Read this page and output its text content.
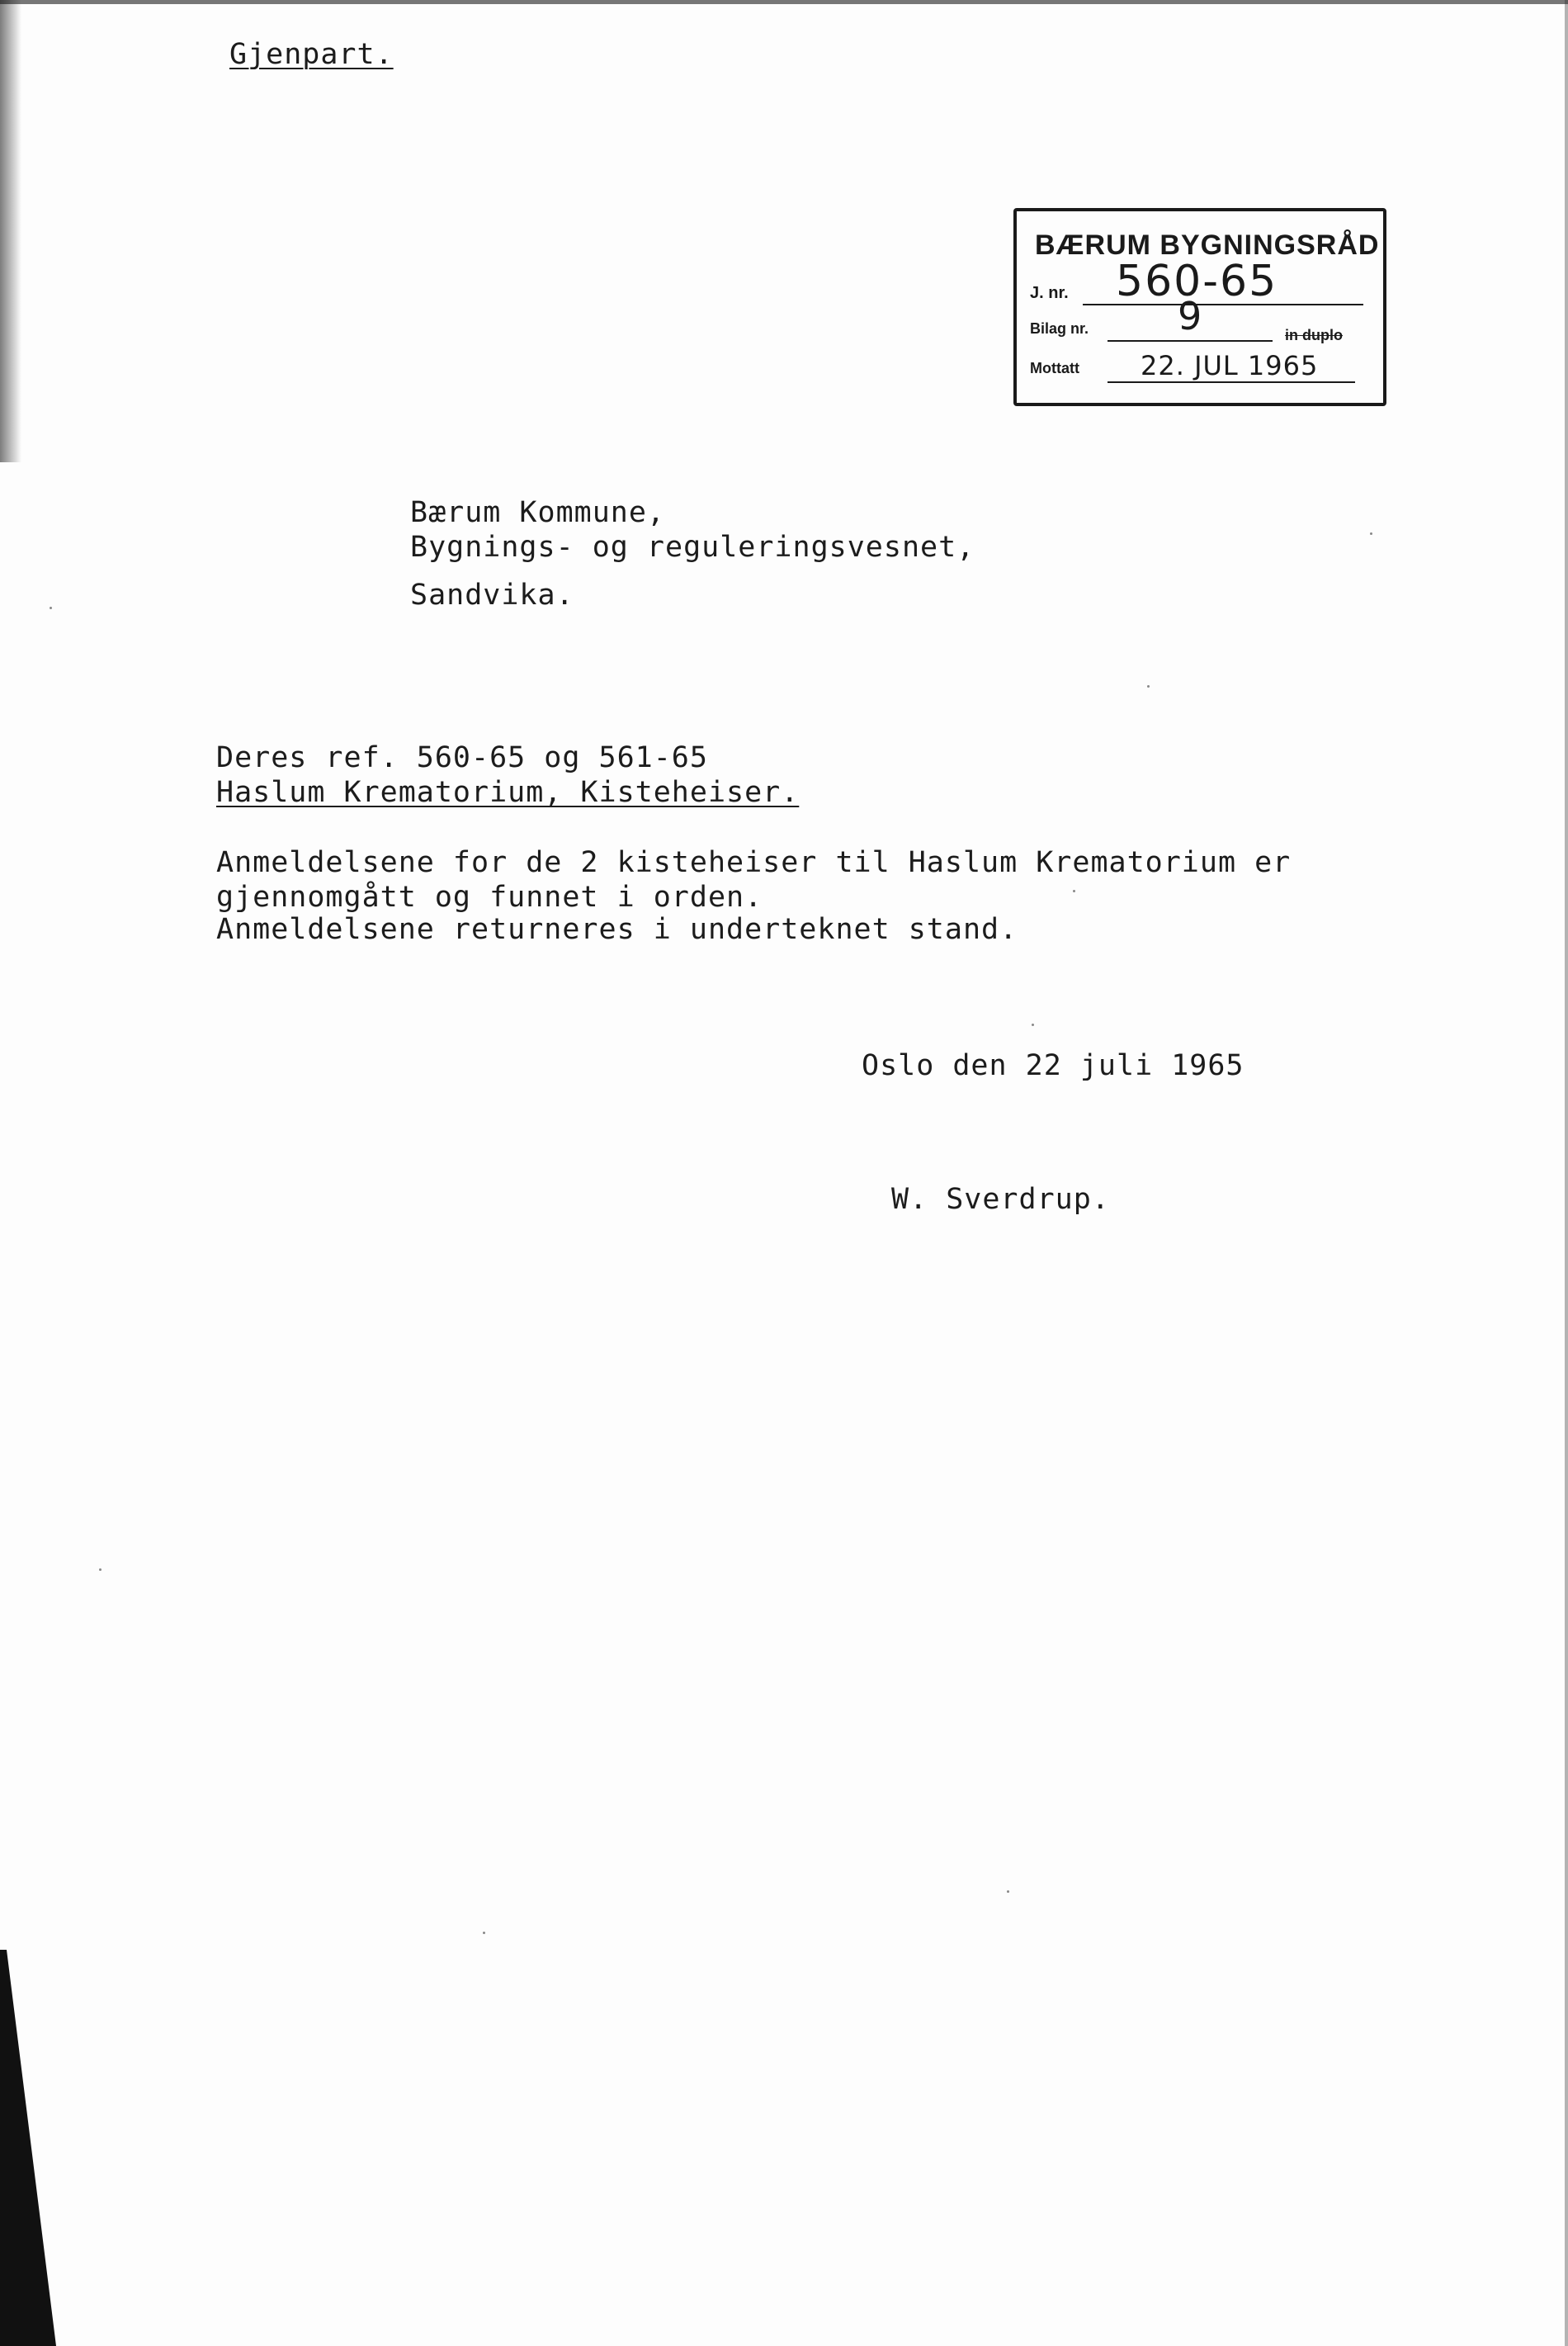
Gjenpart.
BÆRUM BYGNINGSRÅD
J. nr. 560-65
Bilag nr. 9	in duplo
Mottatt 22. JUL 1965
Bærum Kommune,
Bygnings- og reguleringsvesnet,
Sandvika.
Deres ref. 560-65 og 561-65
Haslum Krematorium, Kisteheiser.
Anmeldelsene for de 2 kisteheiser til Haslum Krematorium er
gjennomgått og funnet i orden.
Anmeldelsene returneres i underteknet stand.
Oslo den 22 juli 1965
W. Sverdrup.
